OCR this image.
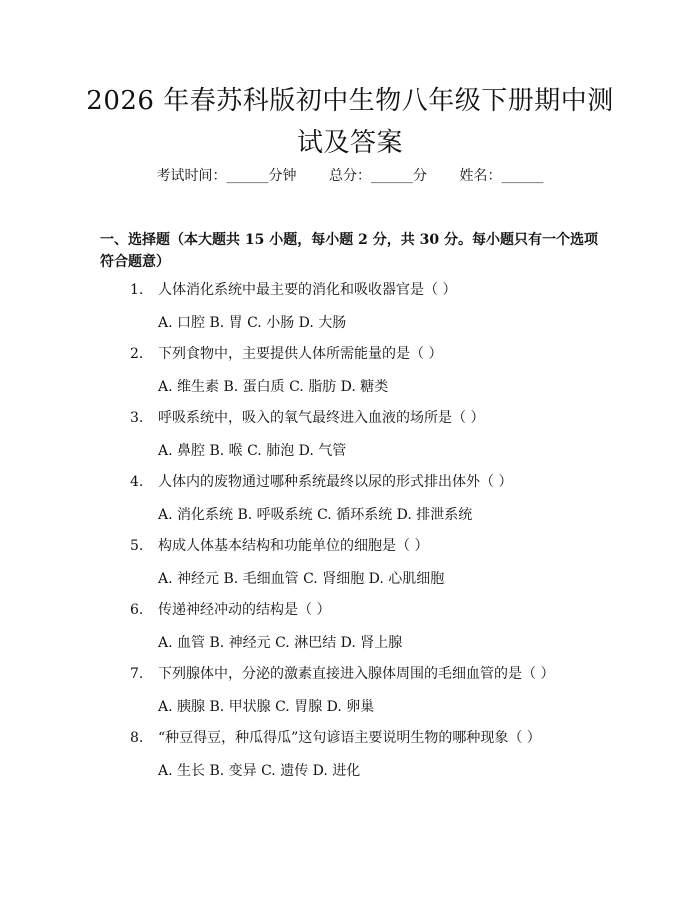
2026 年春苏科版初中生物八年级下册期中测
试及答案
考试时间：______分钟 总分：______分 姓名：______
一、选择题（本大题共 15 小题，每小题 2 分，共 30 分。每小题只有一个选项符合题意）
1. 人体消化系统中最主要的消化和吸收器官是（ ）
A. 口腔 B. 胃 C. 小肠 D. 大肠
2. 下列食物中，主要提供人体所需能量的是（ ）
A. 维生素 B. 蛋白质 C. 脂肪 D. 糖类
3. 呼吸系统中，吸入的氧气最终进入血液的场所是（ ）
A. 鼻腔 B. 喉 C. 肺泡 D. 气管
4. 人体内的废物通过哪种系统最终以尿的形式排出体外（ ）
A. 消化系统 B. 呼吸系统 C. 循环系统 D. 排泄系统
5. 构成人体基本结构和功能单位的细胞是（ ）
A. 神经元 B. 毛细血管 C. 肾细胞 D. 心肌细胞
6. 传递神经冲动的结构是（ ）
A. 血管 B. 神经元 C. 淋巴结 D. 肾上腺
7. 下列腺体中，分泌的激素直接进入腺体周围的毛细血管的是（ ）
A. 胰腺 B. 甲状腺 C. 胃腺 D. 卵巢
8. “种豆得豆，种瓜得瓜”这句谚语主要说明生物的哪种现象（ ）
A. 生长 B. 变异 C. 遗传 D. 进化
